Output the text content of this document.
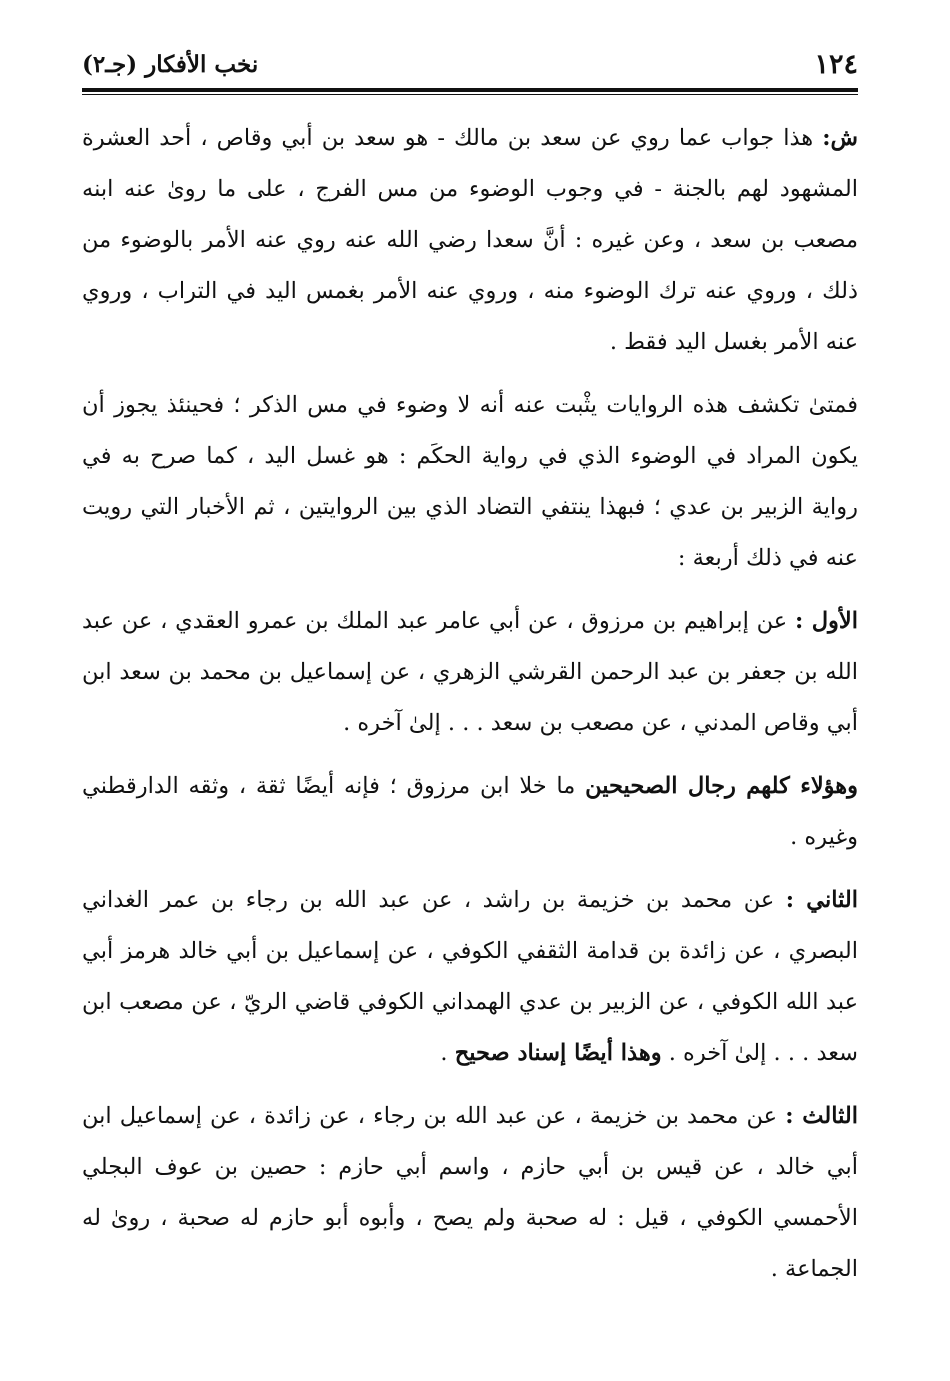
١٢٤
نخب الأفكار (جـ٢)

ش: هذا جواب عما روي عن سعد بن مالك - هو سعد بن أبي وقاص ، أحد العشرة المشهود لهم بالجنة - في وجوب الوضوء من مس الفرج ، على ما روىٰ عنه ابنه مصعب بن سعد ، وعن غيره : أنَّ سعدا رضي الله عنه روي عنه الأمر بالوضوء من ذلك ، وروي عنه ترك الوضوء منه ، وروي عنه الأمر بغمس اليد في التراب ، وروي عنه الأمر بغسل اليد فقط .

فمتىٰ تكشف هذه الروايات يثْبت عنه أنه لا وضوء في مس الذكر ؛ فحينئذ يجوز أن يكون المراد في الوضوء الذي في رواية الحكَم : هو غسل اليد ، كما صرح به في رواية الزبير بن عدي ؛ فبهذا ينتفي التضاد الذي بين الروايتين ، ثم الأخبار التي رويت عنه في ذلك أربعة :

الأول : عن إبراهيم بن مرزوق ، عن أبي عامر عبد الملك بن عمرو العقدي ، عن عبد الله بن جعفر بن عبد الرحمن القرشي الزهري ، عن إسماعيل بن محمد بن سعد ابن أبي وقاص المدني ، عن مصعب بن سعد . . . إلىٰ آخره .

وهؤلاء كلهم رجال الصحيحين ما خلا ابن مرزوق ؛ فإنه أيضًا ثقة ، وثقه الدارقطني وغيره .

الثاني : عن محمد بن خزيمة بن راشد ، عن عبد الله بن رجاء بن عمر الغداني البصري ، عن زائدة بن قدامة الثقفي الكوفي ، عن إسماعيل بن أبي خالد هرمز أبي عبد الله الكوفي ، عن الزبير بن عدي الهمداني الكوفي قاضي الريّ ، عن مصعب ابن سعد . . . إلىٰ آخره . وهذا أيضًا إسناد صحيح .

الثالث : عن محمد بن خزيمة ، عن عبد الله بن رجاء ، عن زائدة ، عن إسماعيل ابن أبي خالد ، عن قيس بن أبي حازم ، واسم أبي حازم : حصين بن عوف البجلي الأحمسي الكوفي ، قيل : له صحبة ولم يصح ، وأبوه أبو حازم له صحبة ، روىٰ له الجماعة .
